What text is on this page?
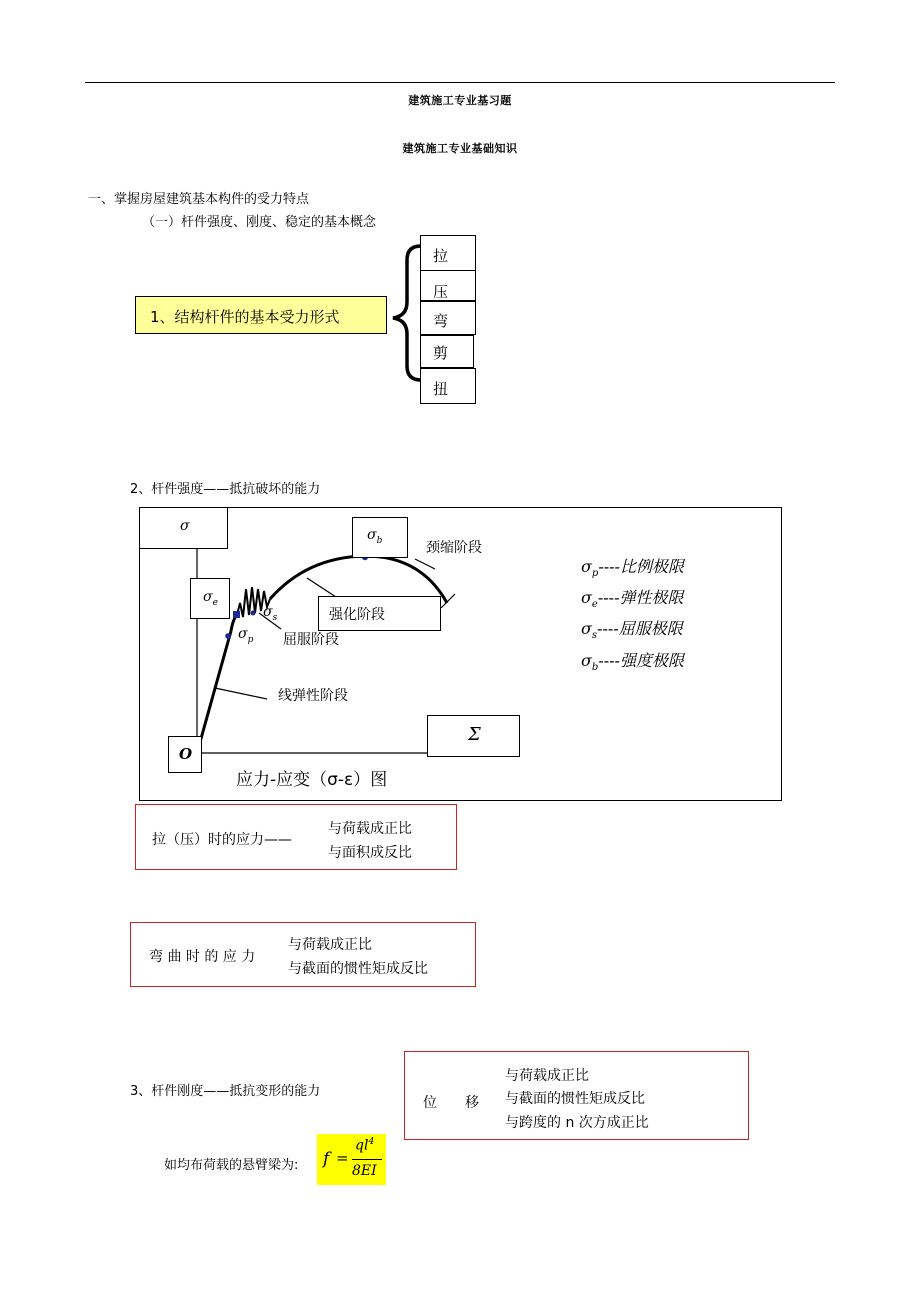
建筑施工专业基习题
建筑施工专业基础知识
一、掌握房屋建筑基本构件的受力特点
（一）杆件强度、刚度、稳定的基本概念
1、结构杆件的基本受力形式
拉
压
弯
剪
扭
2、杆件强度——抵抗破坏的能力
σ
$\sigma_e$
$\sigma_b$
$\sigma_p$
$\sigma_s$
颈缩阶段
强化阶段
屈服阶段
线弹性阶段
Σ
O
应力-应变（σ-ε）图
$\sigma_p----$比例极限
$\sigma_e----$弹性极限
$\sigma_s----$屈服极限
$\sigma_b----$强度极限
拉（压）时的应力——
与荷载成正比
与面积成反比
弯 曲 时 的 应 力
与荷载成正比
与截面的惯性矩成反比
3、杆件刚度——抵抗变形的能力
位　　移
与荷载成正比
与截面的惯性矩成反比
与跨度的 n 次方成正比
如均布荷载的悬臂梁为: f =
$ql^4$
8EI
